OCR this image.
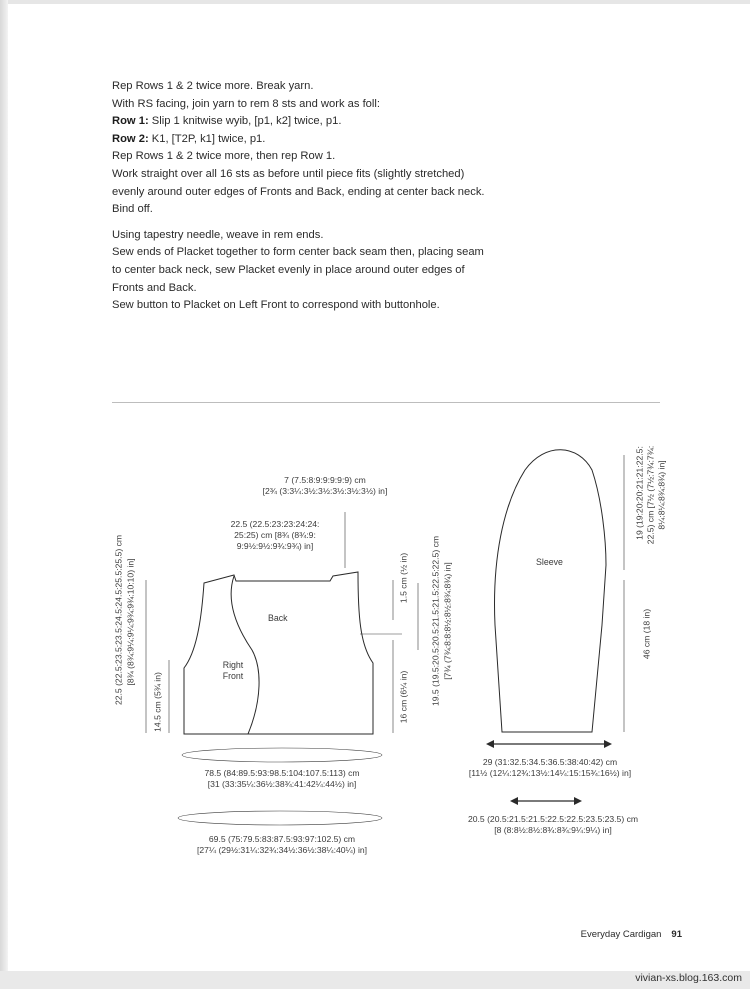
Rep Rows 1 & 2 twice more. Break yarn.

With RS facing, join yarn to rem 8 sts and work as foll:

Row 1: Slip 1 knitwise wyib, [p1, k2] twice, p1.

Row 2: K1, [T2P, k1] twice, p1.

Rep Rows 1 & 2 twice more, then rep Row 1.

Work straight over all 16 sts as before until piece fits (slightly stretched) evenly around outer edges of Fronts and Back, ending at center back neck.

Bind off.

Using tapestry needle, weave in rem ends.

Sew ends of Placket together to form center back seam then, placing seam to center back neck, sew Placket evenly in place around outer edges of Fronts and Back.

Sew button to Placket on Left Front to correspond with buttonhole.

Back
Right
Front
7 (7.5:8:9:9:9:9:9) cm
[2¾ (3:3¼:3½:3½:3½:3½:3½) in]
22.5 (22.5:23:23:24:24:
25:25) cm [8¾ (8¾:9:
9:9½:9½:9¾:9¾) in]
22.5 (22.5:23.5:23.5:24.5:24.5:25.5:25.5) cm [8¾ (8¾:9¼:9¼:9¾:9¾:10:10) in]
14.5 cm (5¾ in)
1.5 cm (½ in)
16 cm (6¼ in)	19.5 (19.5:20.5:20.5:21.5:21.5:22.5:22.5) cm [7¾ (7¾:8:8:8½:8½:8¾:8¾) in]
78.5 (84:89.5:93:98.5:104:107.5:113) cm
[31 (33:35¼:36½:38¾:41:42¼:44½) in]
69.5 (75:79.5:83:87.5:93:97:102.5) cm
[27¼ (29½:31¼:32¾:34½:36½:38¼:40¼) in]
Sleeve
19 (19:20:20:21:21:22.5: 22.5) cm [7½ (7½:7¾:7¾: 8¼:8¼:8¾:8¾) in]
46 cm (18 in)
29 (31:32.5:34.5:36.5:38:40:42) cm
[11½ (12¼:12¾:13½:14¼:15:15¾:16½) in]
20.5 (20.5:21.5:21.5:22.5:22.5:23.5:23.5) cm
[8 (8:8½:8½:8¾:8¾:9¼:9¼) in]
Everyday Cardigan 91
vivian-xs.blog.163.com
